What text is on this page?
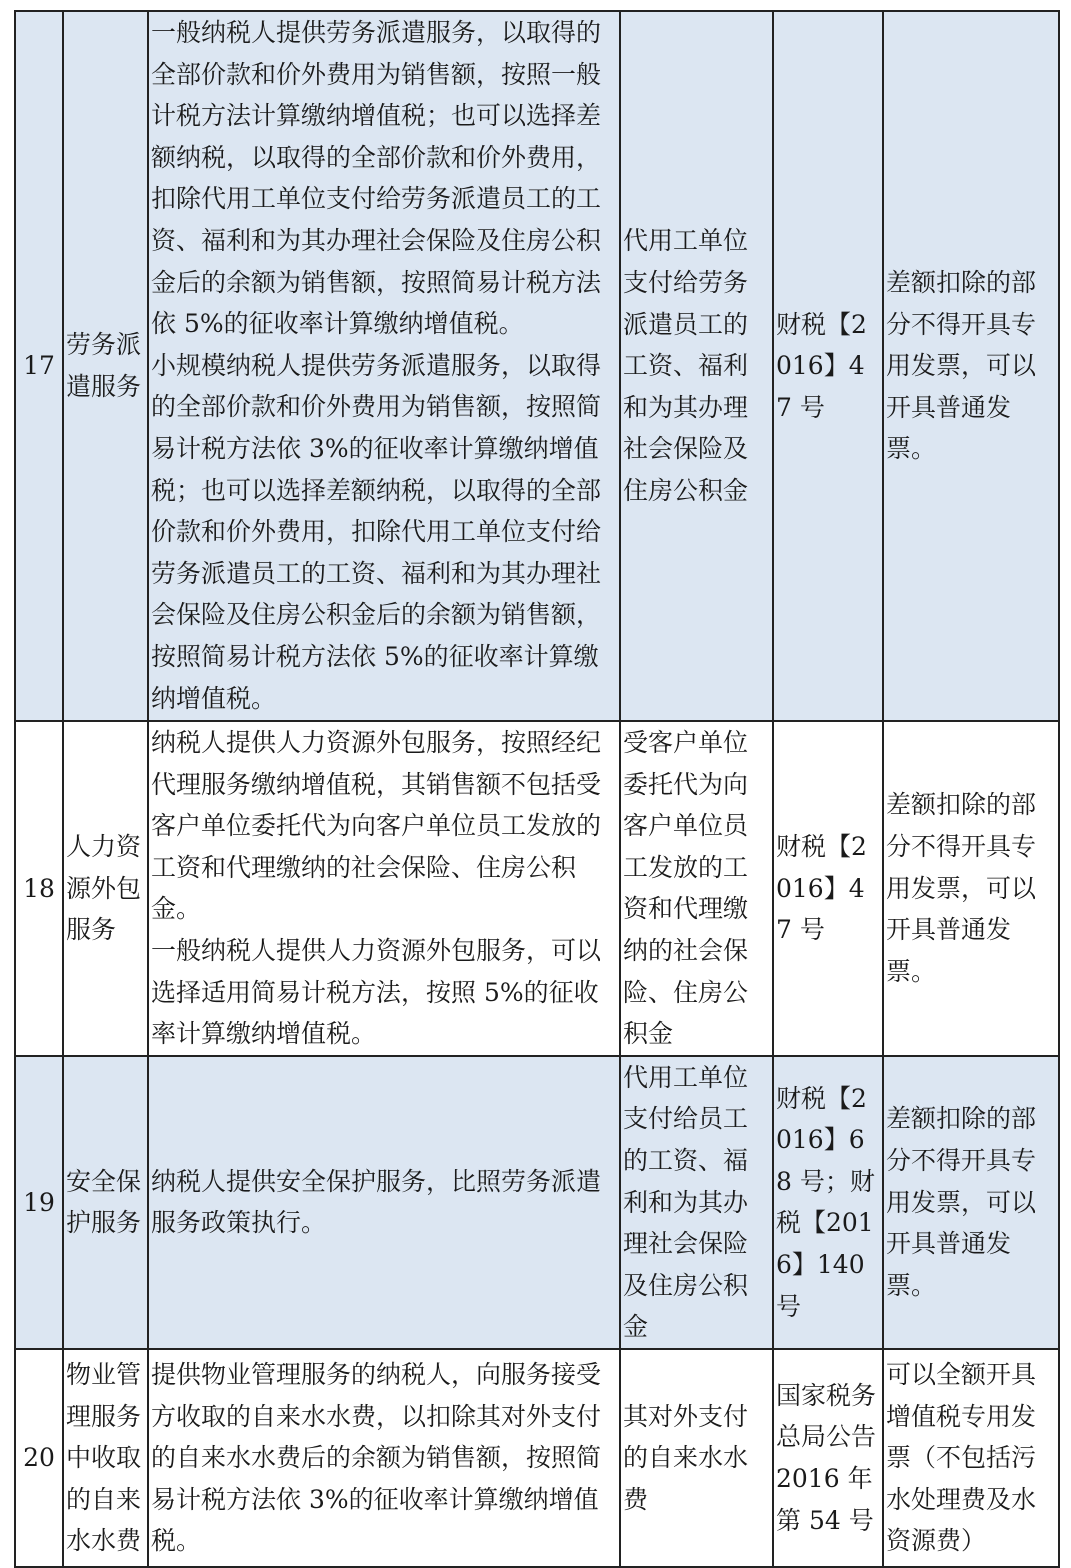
17	劳务派遣服务	一般纳税人提供劳务派遣服务，以取得的全部价款和价外费用为销售额，按照一般计税方法计算缴纳增值税；也可以选择差额纳税，以取得的全部价款和价外费用，扣除代用工单位支付给劳务派遣员工的工资、福利和为其办理社会保险及住房公积金后的余额为销售额，按照简易计税方法依 5%的征收率计算缴纳增值税。
小规模纳税人提供劳务派遣服务，以取得的全部价款和价外费用为销售额，按照简易计税方法依 3%的征收率计算缴纳增值税；也可以选择差额纳税，以取得的全部价款和价外费用，扣除代用工单位支付给劳务派遣员工的工资、福利和为其办理社会保险及住房公积金后的余额为销售额，按照简易计税方法依 5%的征收率计算缴纳增值税。	代用工单位支付给劳务派遣员工的工资、福利和为其办理社会保险及住房公积金	财税【2016】47 号	差额扣除的部分不得开具专用发票，可以开具普通发票。
18	人力资源外包服务	纳税人提供人力资源外包服务，按照经纪代理服务缴纳增值税，其销售额不包括受客户单位委托代为向客户单位员工发放的工资和代理缴纳的社会保险、住房公积金。
一般纳税人提供人力资源外包服务，可以选择适用简易计税方法，按照 5%的征收率计算缴纳增值税。	受客户单位委托代为向客户单位员工发放的工资和代理缴纳的社会保险、住房公积金	财税【2016】47 号	差额扣除的部分不得开具专用发票，可以开具普通发票。
19	安全保护服务	纳税人提供安全保护服务，比照劳务派遣服务政策执行。	代用工单位支付给员工的工资、福利和为其办理社会保险及住房公积金	财税【2016】68 号；财税【2016】140 号	差额扣除的部分不得开具专用发票，可以开具普通发票。
20	物业管理服务中收取的自来水水费	提供物业管理服务的纳税人，向服务接受方收取的自来水水费，以扣除其对外支付的自来水水费后的余额为销售额，按照简易计税方法依 3%的征收率计算缴纳增值税。	其对外支付的自来水水费	国家税务总局公告 2016 年第 54 号	可以全额开具增值税专用发票（不包括污水处理费及水资源费）
